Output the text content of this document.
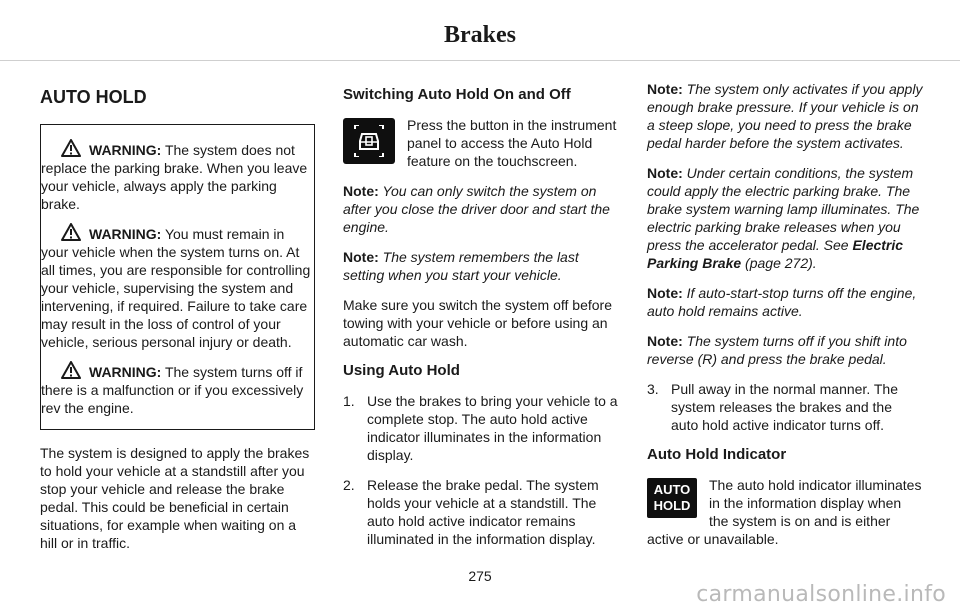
Brakes
AUTO HOLD
WARNING: The system does not replace the parking brake. When you leave your vehicle, always apply the parking brake.
WARNING: You must remain in your vehicle when the system turns on. At all times, you are responsible for controlling your vehicle, supervising the system and intervening, if required. Failure to take care may result in the loss of control of your vehicle, serious personal injury or death.
WARNING: The system turns off if there is a malfunction or if you excessively rev the engine.

The system is designed to apply the brakes to hold your vehicle at a standstill after you stop your vehicle and release the brake pedal. This could be beneficial in certain situations, for example when waiting on a hill or in traffic.

Switching Auto Hold On and Off
Press the button in the instrument panel to access the Auto Hold feature on the touchscreen.

Note: You can only switch the system on after you close the driver door and start the engine.

Note: The system remembers the last setting when you start your vehicle.

Make sure you switch the system off before towing with your vehicle or before using an automatic car wash.

Using Auto Hold
1. Use the brakes to bring your vehicle to a complete stop. The auto hold active indicator illuminates in the information display.
2. Release the brake pedal. The system holds your vehicle at a standstill. The auto hold active indicator remains illuminated in the information display.

Note: The system only activates if you apply enough brake pressure. If your vehicle is on a steep slope, you need to press the brake pedal harder before the system activates.

Note: Under certain conditions, the system could apply the electric parking brake. The brake system warning lamp illuminates. The electric parking brake releases when you press the accelerator pedal. See Electric Parking Brake (page 272).

Note: If auto-start-stop turns off the engine, auto hold remains active.

Note: The system turns off if you shift into reverse (R) and press the brake pedal.

3. Pull away in the normal manner. The system releases the brakes and the auto hold active indicator turns off.
Auto Hold Indicator
AUTO
HOLD
The auto hold indicator illuminates in the information display when the system is on and is either active or unavailable.
275
carmanualsonline.info
